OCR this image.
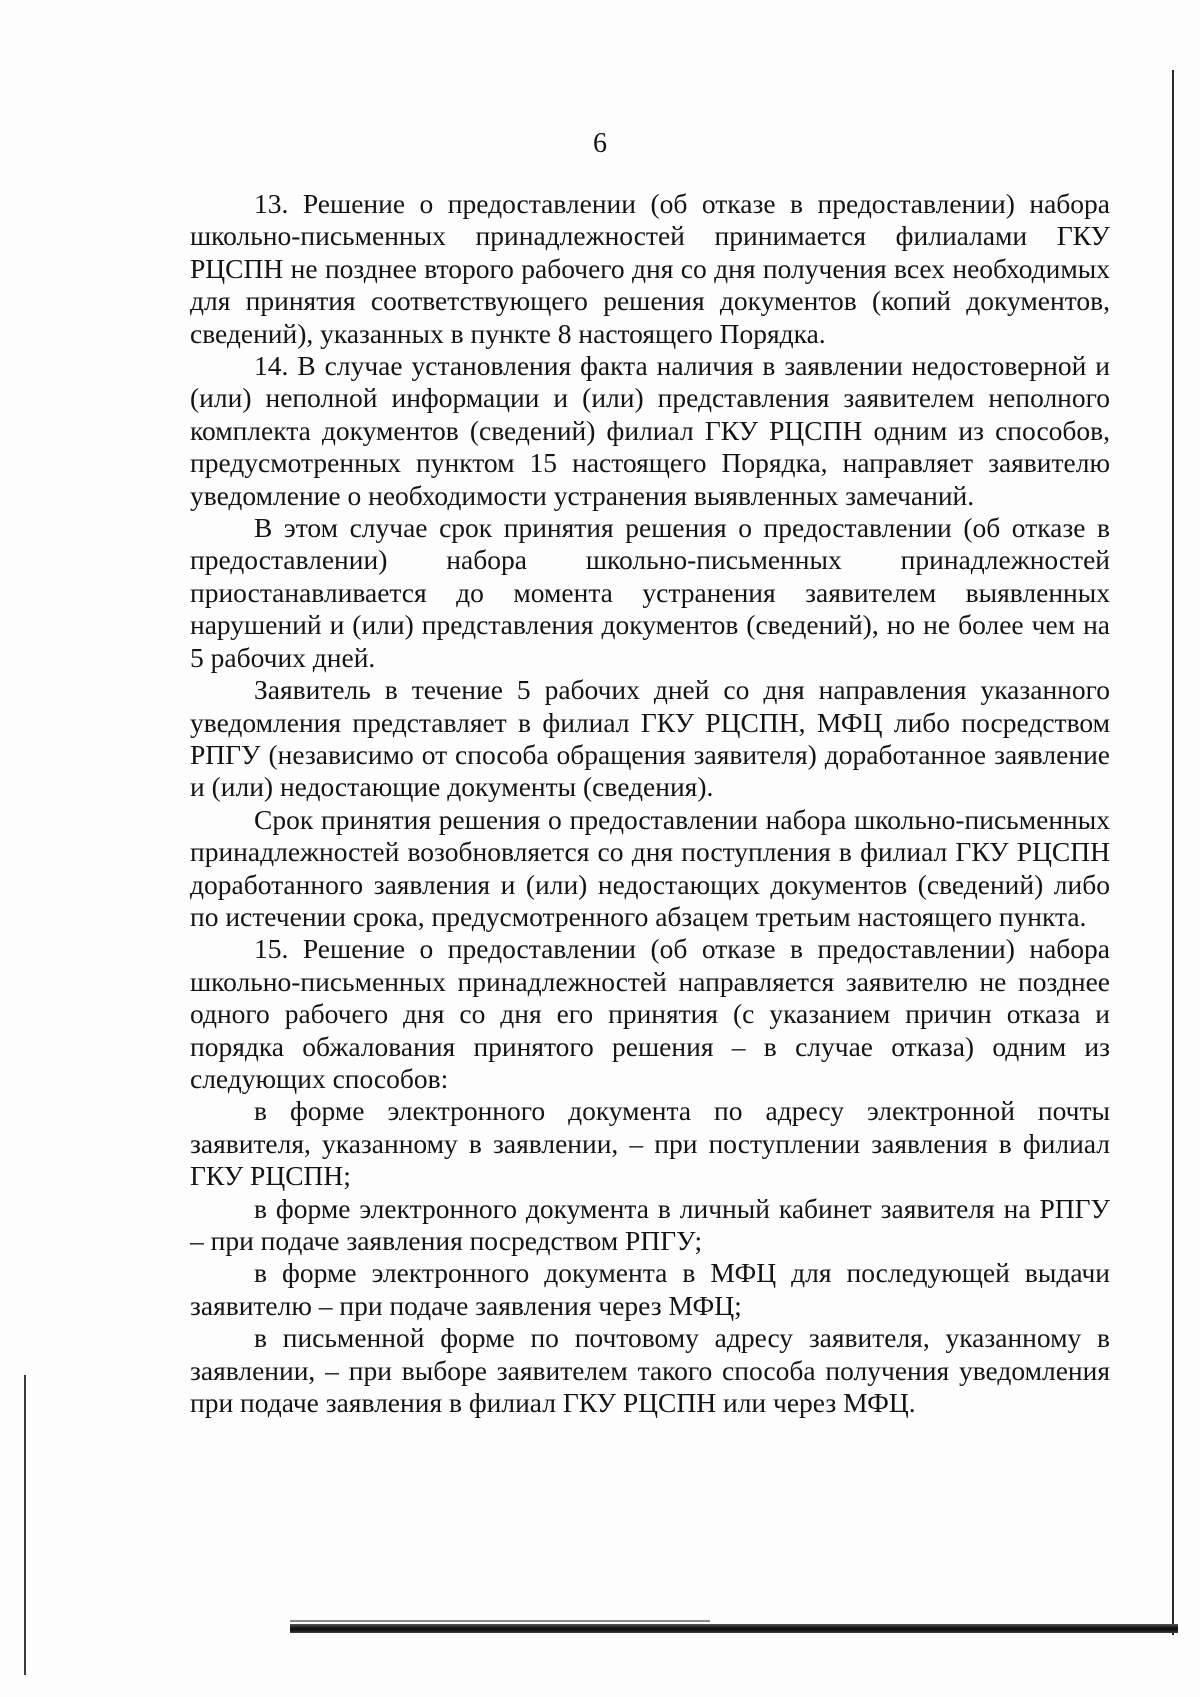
6

13. Решение о предоставлении (об отказе в предоставлении) набора школьно-письменных принадлежностей принимается филиалами ГКУ РЦСПН не позднее второго рабочего дня со дня получения всех необходимых для принятия соответствующего решения документов (копий документов, сведений), указанных в пункте 8 настоящего Порядка.

14. В случае установления факта наличия в заявлении недостоверной и (или) неполной информации и (или) представления заявителем неполного комплекта документов (сведений) филиал ГКУ РЦСПН одним из способов, предусмотренных пунктом 15 настоящего Порядка, направляет заявителю уведомление о необходимости устранения выявленных замечаний.

В этом случае срок принятия решения о предоставлении (об отказе в предоставлении) набора школьно-письменных принадлежностей приостанавливается до момента устранения заявителем выявленных нарушений и (или) представления документов (сведений), но не более чем на 5 рабочих дней.

Заявитель в течение 5 рабочих дней со дня направления указанного уведомления представляет в филиал ГКУ РЦСПН, МФЦ либо посредством РПГУ (независимо от способа обращения заявителя) доработанное заявление и (или) недостающие документы (сведения).

Срок принятия решения о предоставлении набора школьно-письменных принадлежностей возобновляется со дня поступления в филиал ГКУ РЦСПН доработанного заявления и (или) недостающих документов (сведений) либо по истечении срока, предусмотренного абзацем третьим настоящего пункта.

15. Решение о предоставлении (об отказе в предоставлении) набора школьно-письменных принадлежностей направляется заявителю не позднее одного рабочего дня со дня его принятия (с указанием причин отказа и порядка обжалования принятого решения – в случае отказа) одним из следующих способов:

в форме электронного документа по адресу электронной почты заявителя, указанному в заявлении, – при поступлении заявления в филиал ГКУ РЦСПН;

в форме электронного документа в личный кабинет заявителя на РПГУ – при подаче заявления посредством РПГУ;

в форме электронного документа в МФЦ для последующей выдачи заявителю – при подаче заявления через МФЦ;

в письменной форме по почтовому адресу заявителя, указанному в заявлении, – при выборе заявителем такого способа получения уведомления при подаче заявления в филиал ГКУ РЦСПН или через МФЦ.
